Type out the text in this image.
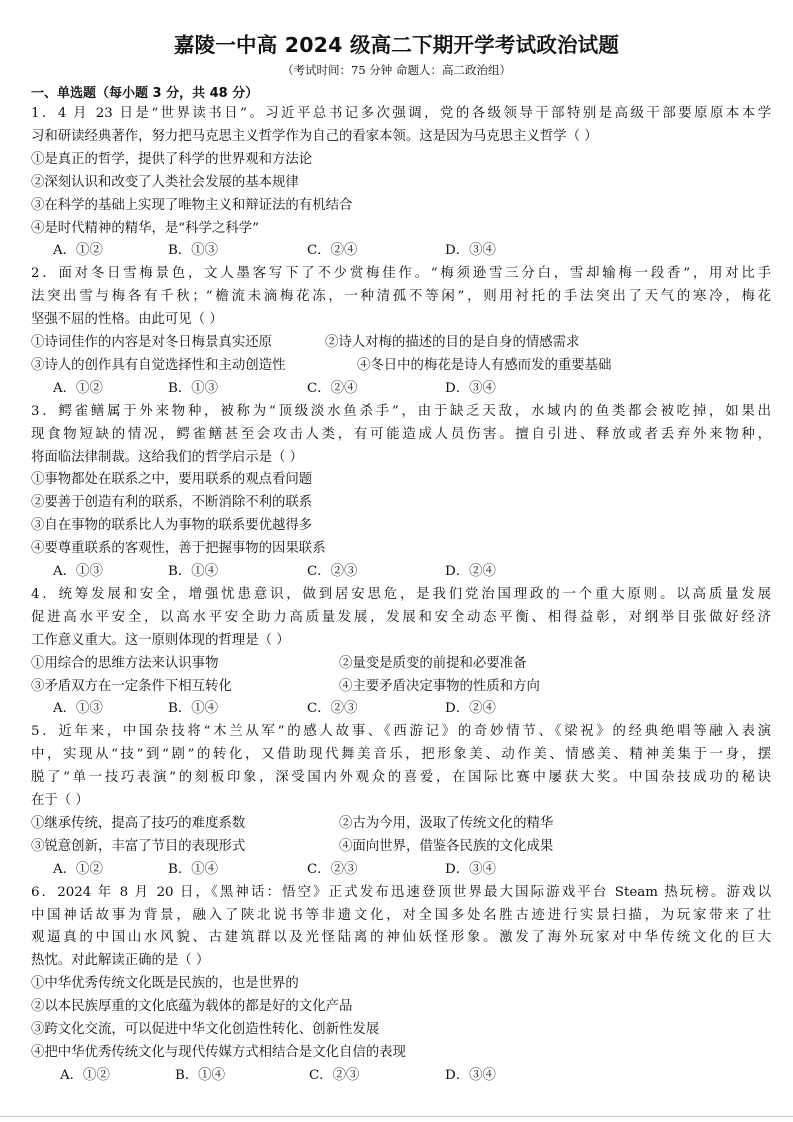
嘉陵一中高 2024 级高二下期开学考试政治试题
（考试时间：75 分钟 命题人：高二政治组）
一、单选题（每小题 3 分，共 48 分）
1．4 月 23 日是“世界读书日”。习近平总书记多次强调，党的各级领导干部特别是高级干部要原原本本学
习和研读经典著作，努力把马克思主义哲学作为自己的看家本领。这是因为马克思主义哲学（ ）
①是真正的哲学，提供了科学的世界观和方法论
②深刻认识和改变了人类社会发展的基本规律
③在科学的基础上实现了唯物主义和辩证法的有机结合
④是时代精神的精华，是“科学之科学”
A．①②	B．①③	C．②④	D．③④
2．面对冬日雪梅景色，文人墨客写下了不少赏梅佳作。“梅须逊雪三分白，雪却输梅一段香”，用对比手
法突出雪与梅各有千秋；“檐流未滴梅花冻，一种清孤不等闲”，则用衬托的手法突出了天气的寒冷，梅花
坚强不屈的性格。由此可见（ ）
①诗词佳作的内容是对冬日梅景真实还原	②诗人对梅的描述的目的是自身的情感需求
③诗人的创作具有自觉选择性和主动创造性	④冬日中的梅花是诗人有感而发的重要基础
A．①②	B．①③	C．②④	D．③④
3．鳄雀鳝属于外来物种，被称为“顶级淡水鱼杀手”，由于缺乏天敌，水域内的鱼类都会被吃掉，如果出
现食物短缺的情况，鳄雀鳝甚至会攻击人类，有可能造成人员伤害。擅自引进、释放或者丢弃外来物种，
将面临法律制裁。这给我们的哲学启示是（ ）
①事物都处在联系之中，要用联系的观点看问题
②要善于创造有利的联系，不断消除不利的联系
③自在事物的联系比人为事物的联系要优越得多
④要尊重联系的客观性，善于把握事物的因果联系
A．①③	B．①④	C．②③	D．②④
4．统筹发展和安全，增强忧患意识，做到居安思危，是我们党治国理政的一个重大原则。以高质量发展
促进高水平安全，以高水平安全助力高质量发展，发展和安全动态平衡、相得益彰，对纲举目张做好经济
工作意义重大。这一原则体现的哲理是（ ）
①用综合的思维方法来认识事物	②量变是质变的前提和必要准备
③矛盾双方在一定条件下相互转化	④主要矛盾决定事物的性质和方向
A．①③	B．①④	C．②③	D．②④
5．近年来，中国杂技将“木兰从军”的感人故事、《西游记》的奇妙情节、《梁祝》的经典绝唱等融入表演
中，实现从“技”到“剧”的转化，又借助现代舞美音乐，把形象美、动作美、情感美、精神美集于一身，摆
脱了“单一技巧表演”的刻板印象，深受国内外观众的喜爱，在国际比赛中屡获大奖。中国杂技成功的秘诀
在于（ ）
①继承传统，提高了技巧的难度系数	②古为今用，汲取了传统文化的精华
③锐意创新，丰富了节目的表现形式	④面向世界，借鉴各民族的文化成果
A．①②	B．①④	C．②③	D．③④
6．2024 年 8 月 20 日，《黑神话：悟空》正式发布迅速登顶世界最大国际游戏平台 Steam 热玩榜。游戏以
中国神话故事为背景，融入了陕北说书等非遗文化，对全国多处名胜古迹进行实景扫描，为玩家带来了壮
观逼真的中国山水风貌、古建筑群以及光怪陆离的神仙妖怪形象。激发了海外玩家对中华传统文化的巨大
热忱。对此解读正确的是（ ）
①中华优秀传统文化既是民族的，也是世界的
②以本民族厚重的文化底蕴为载体的都是好的文化产品
③跨文化交流，可以促进中华文化创造性转化、创新性发展
④把中华优秀传统文化与现代传媒方式相结合是文化自信的表现
A．①②	B．①④	C．②③	D．③④
